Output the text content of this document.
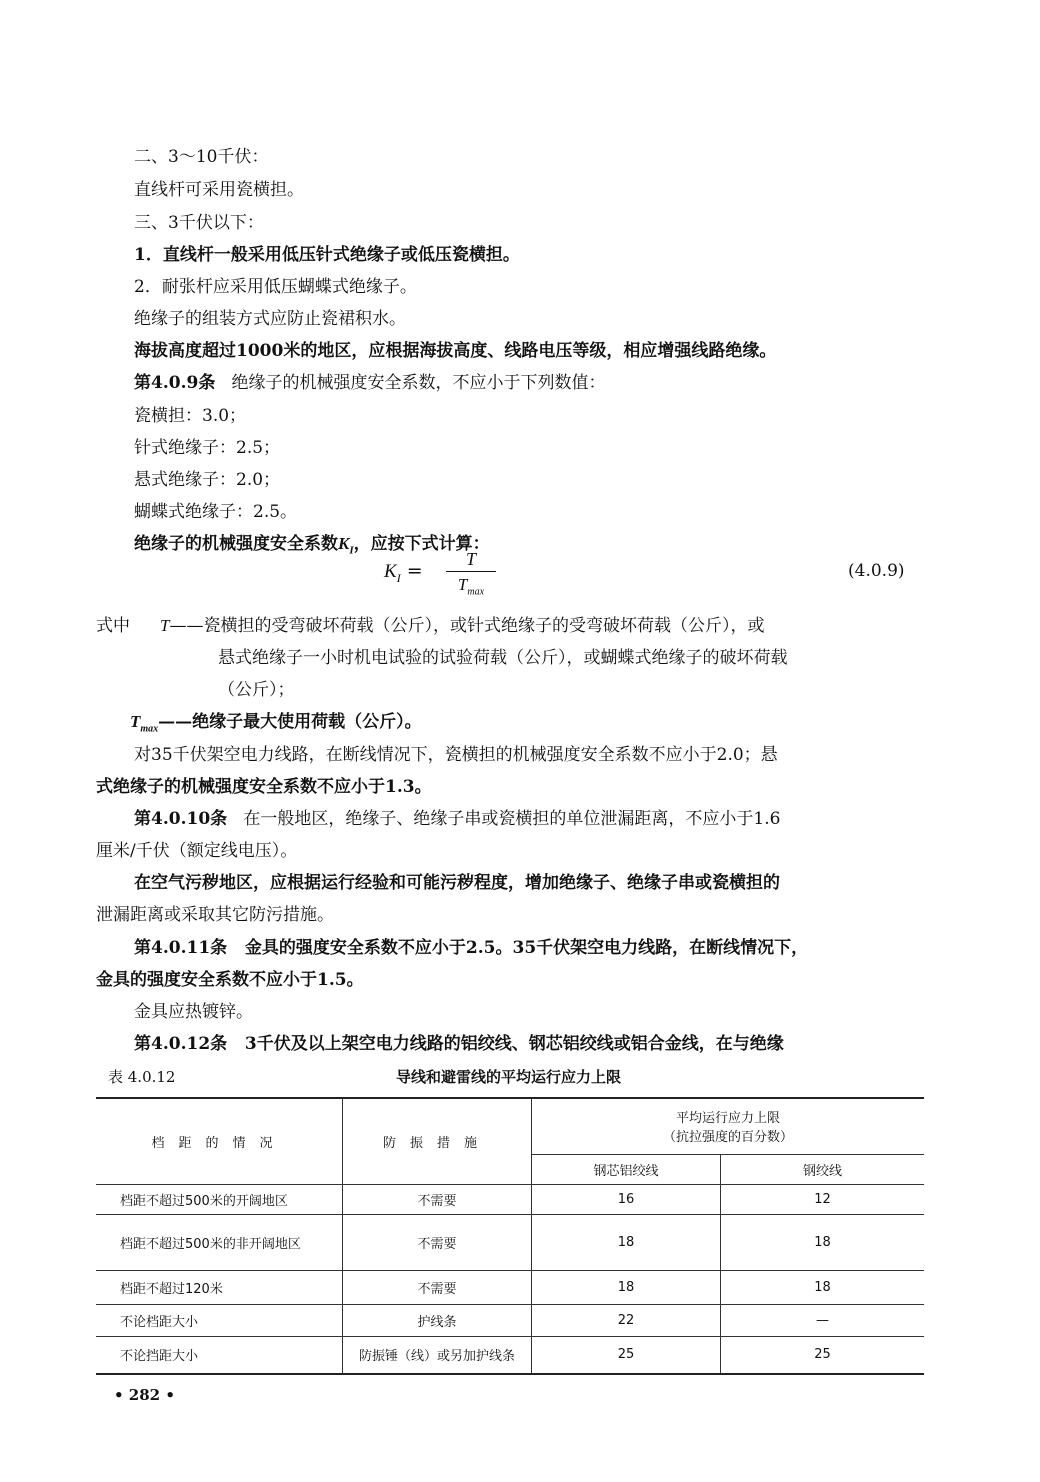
二、3～10千伏：
直线杆可采用瓷横担。
三、3千伏以下：
1．直线杆一般采用低压针式绝缘子或低压瓷横担。
2．耐张杆应采用低压蝴蝶式绝缘子。
绝缘子的组装方式应防止瓷裙积水。
海拔高度超过1000米的地区，应根据海拔高度、线路电压等级，相应增强线路绝缘。
第4.0.9条 绝缘子的机械强度安全系数，不应小于下列数值：
瓷横担：3.0；
针式绝缘子：2.5；
悬式绝缘子：2.0；
蝴蝶式绝缘子：2.5。
绝缘子的机械强度安全系数$K_I$，应按下式计算：
$K_I$ =
T
$T_{max}$
(4.0.9)
式中 T——瓷横担的受弯破坏荷载（公斤），或针式绝缘子的受弯破坏荷载（公斤），或
悬式绝缘子一小时机电试验的试验荷载（公斤），或蝴蝶式绝缘子的破坏荷载
（公斤）；
$T_{max}——$绝缘子最大使用荷载（公斤）。
对35千伏架空电力线路，在断线情况下，瓷横担的机械强度安全系数不应小于2.0；悬
式绝缘子的机械强度安全系数不应小于1.3。
第4.0.10条 在一般地区，绝缘子、绝缘子串或瓷横担的单位泄漏距离，不应小于1.6
厘米/千伏（额定线电压）。
在空气污秽地区，应根据运行经验和可能污秽程度，增加绝缘子、绝缘子串或瓷横担的
泄漏距离或采取其它防污措施。
第4.0.11条 金具的强度安全系数不应小于2.5。35千伏架空电力线路，在断线情况下，
金具的强度安全系数不应小于1.5。
金具应热镀锌。
第4.0.12条 3千伏及以上架空电力线路的铝绞线、钢芯铝绞线或铝合金线，在与绝缘
表 4.0.12	导线和避雷线的平均运行应力上限
档距的情况	防振措施	平均运行应力上限
（抗拉强度的百分数）	

		钢芯铝绞线	钢绞线
档距不超过500米的开阔地区	不需要	16	12
档距不超过500米的非开阔地区	不需要	18	18
档距不超过120米	不需要	18	18
不论档距大小	护线条	22	—
不论挡距大小	防振锤（线）或另加护线条	25	25
• 282 •
